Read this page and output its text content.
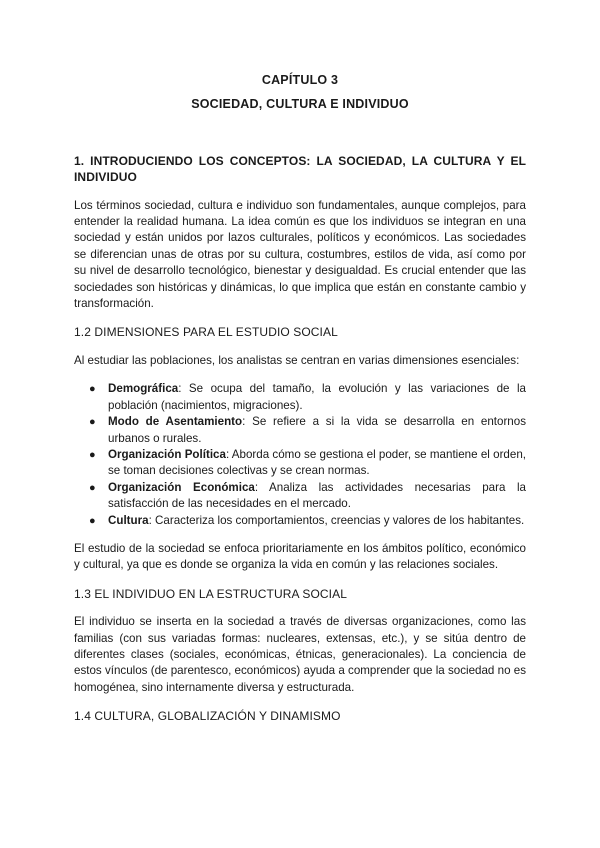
CAPÍTULO 3
SOCIEDAD, CULTURA E INDIVIDUO
1. INTRODUCIENDO LOS CONCEPTOS: LA SOCIEDAD, LA CULTURA Y EL INDIVIDUO

Los términos sociedad, cultura e individuo son fundamentales, aunque complejos, para entender la realidad humana. La idea común es que los individuos se integran en una sociedad y están unidos por lazos culturales, políticos y económicos. Las sociedades se diferencian unas de otras por su cultura, costumbres, estilos de vida, así como por su nivel de desarrollo tecnológico, bienestar y desigualdad. Es crucial entender que las sociedades son históricas y dinámicas, lo que implica que están en constante cambio y transformación.

1.2 DIMENSIONES PARA EL ESTUDIO SOCIAL

Al estudiar las poblaciones, los analistas se centran en varias dimensiones esenciales:

● Demográfica: Se ocupa del tamaño, la evolución y las variaciones de la población (nacimientos, migraciones).
● Modo de Asentamiento: Se refiere a si la vida se desarrolla en entornos urbanos o rurales.
● Organización Política: Aborda cómo se gestiona el poder, se mantiene el orden, se toman decisiones colectivas y se crean normas.
● Organización Económica: Analiza las actividades necesarias para la satisfacción de las necesidades en el mercado.
● Cultura: Caracteriza los comportamientos, creencias y valores de los habitantes.

El estudio de la sociedad se enfoca prioritariamente en los ámbitos político, económico y cultural, ya que es donde se organiza la vida en común y las relaciones sociales.

1.3 EL INDIVIDUO EN LA ESTRUCTURA SOCIAL

El individuo se inserta en la sociedad a través de diversas organizaciones, como las familias (con sus variadas formas: nucleares, extensas, etc.), y se sitúa dentro de diferentes clases (sociales, económicas, étnicas, generacionales). La conciencia de estos vínculos (de parentesco, económicos) ayuda a comprender que la sociedad no es homogénea, sino internamente diversa y estructurada.

1.4 CULTURA, GLOBALIZACIÓN Y DINAMISMO
